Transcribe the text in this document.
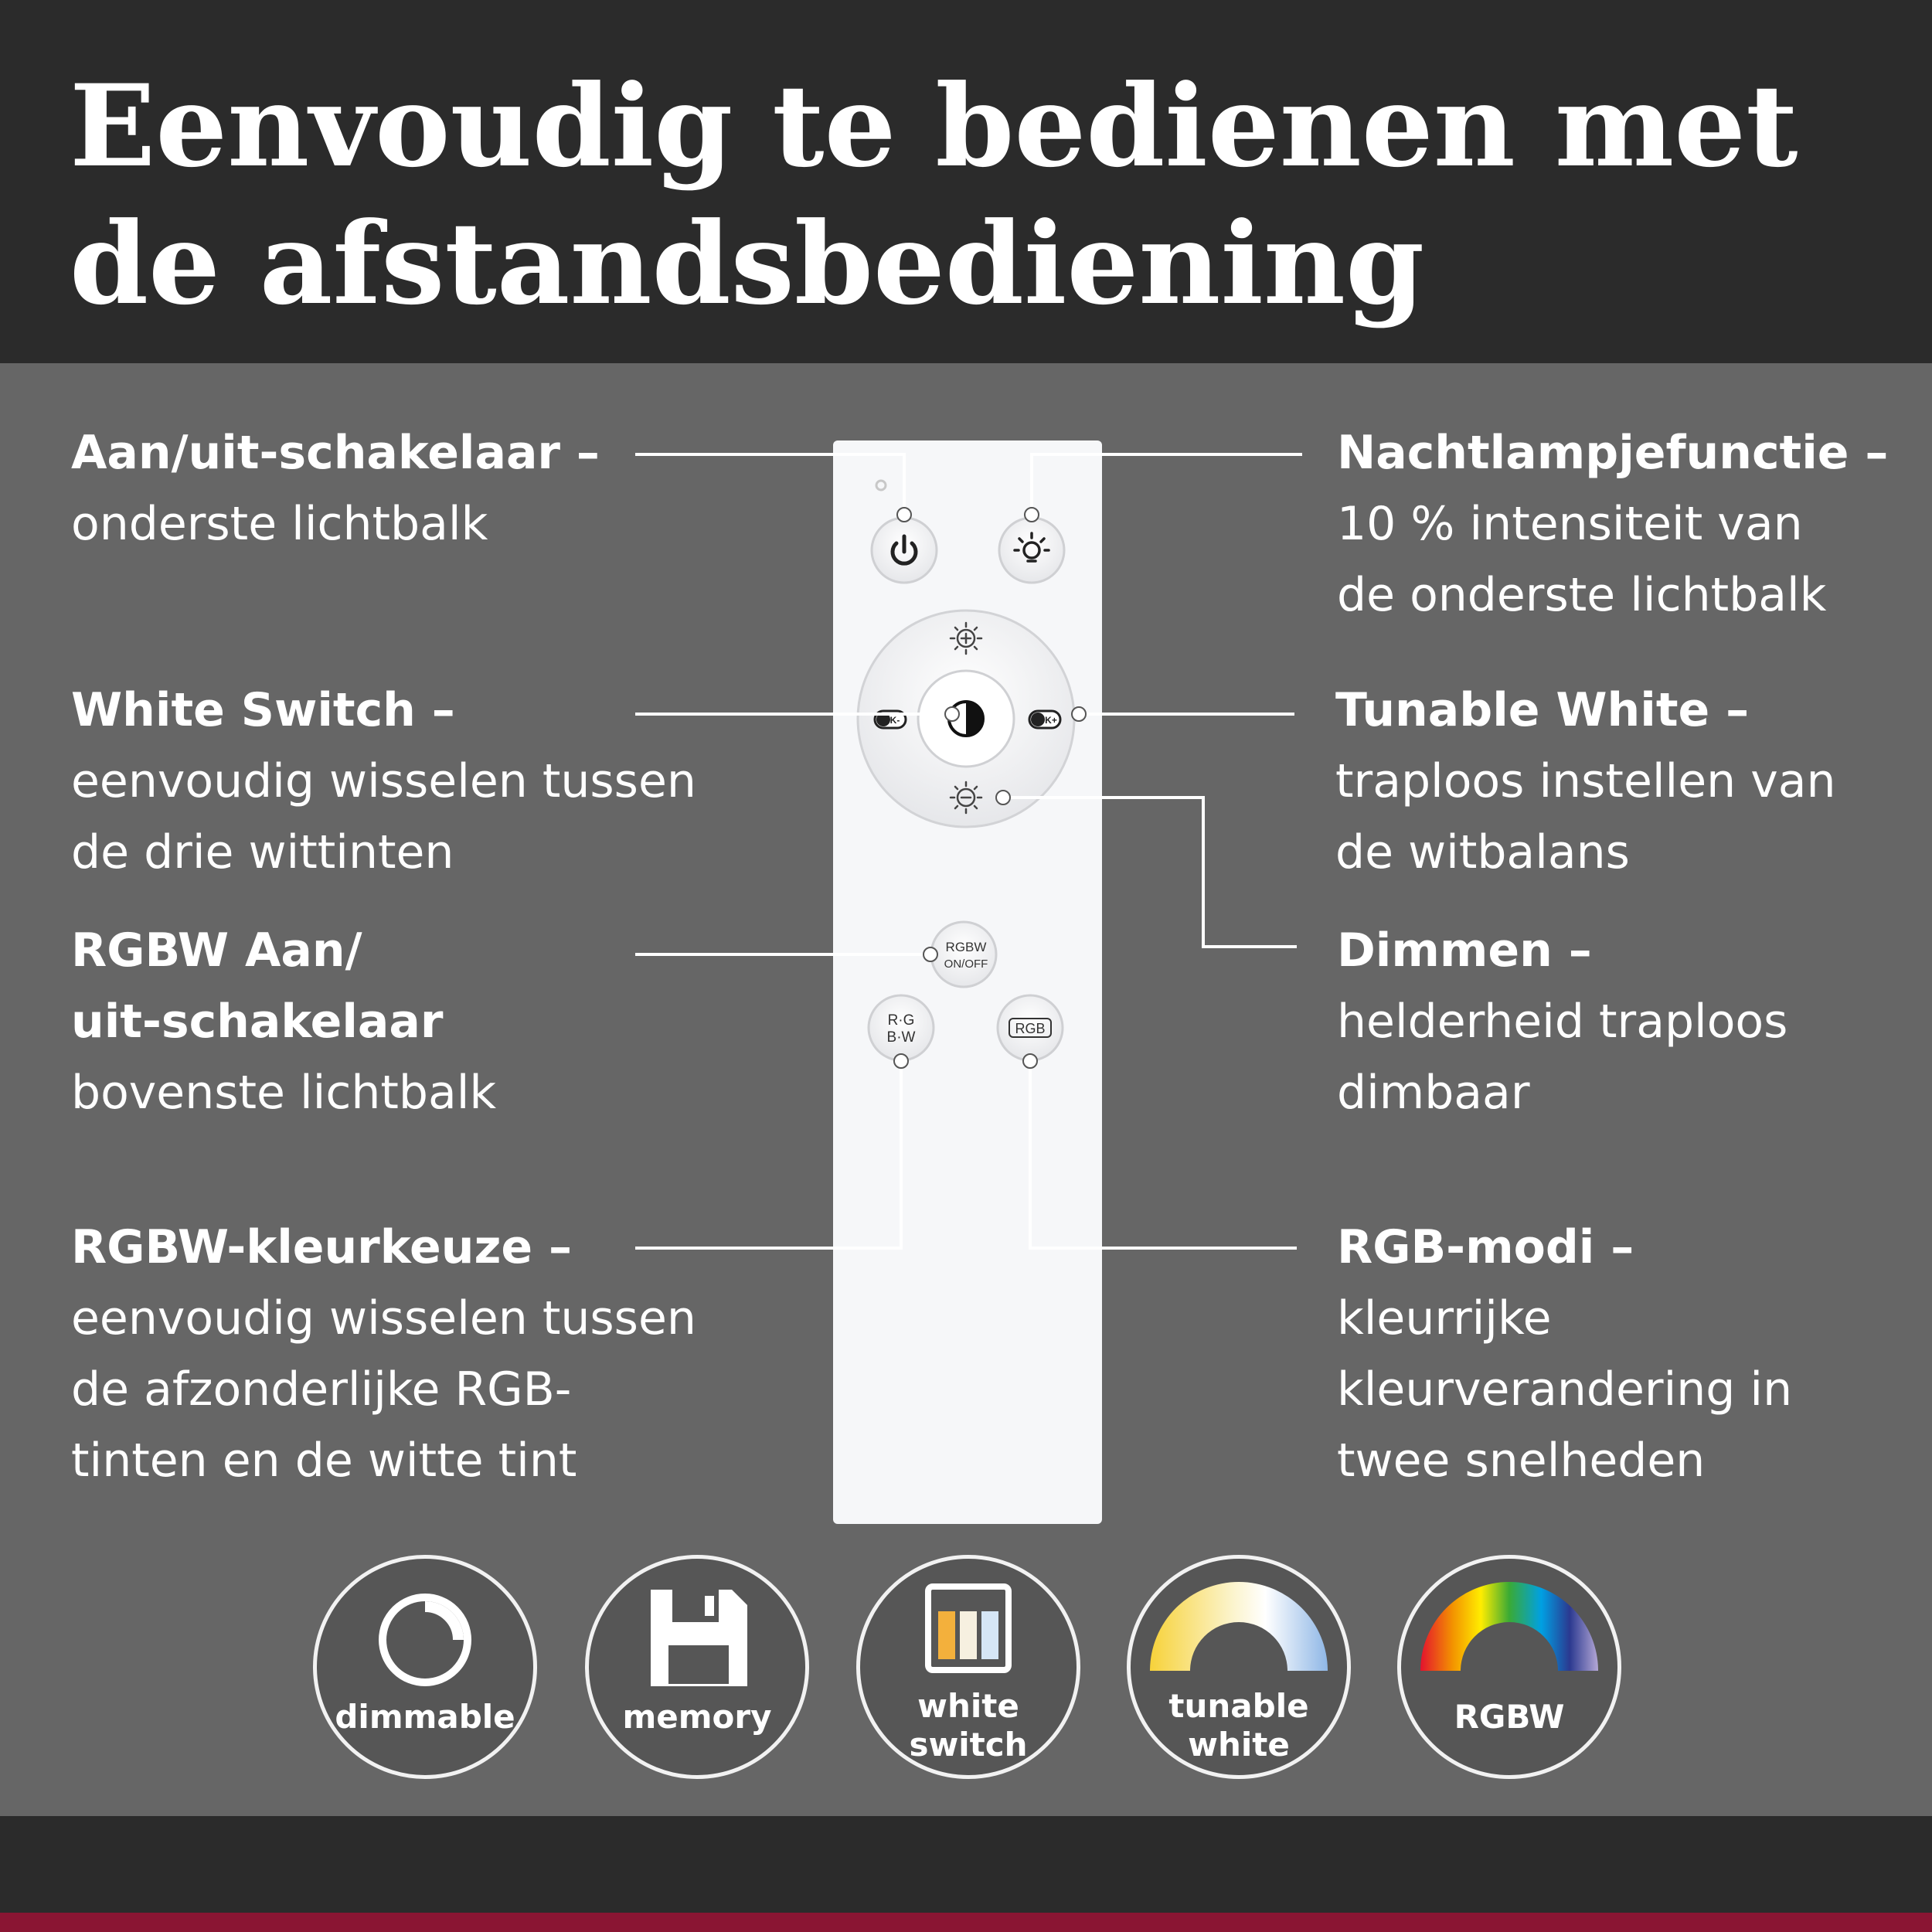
Eenvoudig te bedienen met
de afstandsbediening
Aan/uit-schakelaar –
onderste lichtbalk
White Switch –
eenvoudig wisselen tussen
de drie wittinten
RGBW Aan/
uit-schakelaar
bovenste lichtbalk
RGBW-kleurkeuze –
eenvoudig wisselen tussen
de afzonderlijke RGB-
tinten en de witte tint
Nachtlampjefunctie –
10 % intensiteit van
de onderste lichtbalk
Tunable White –
traploos instellen van
de witbalans
Dimmen –
helderheid traploos
dimbaar
RGB-modi –
kleurrijke
kleurverandering in
twee snelheden
K-	K+
RGBW
ON/OFF
R·G
B·W
RGB
dimmable	memory	white
switch
tunable
white
RGBW
